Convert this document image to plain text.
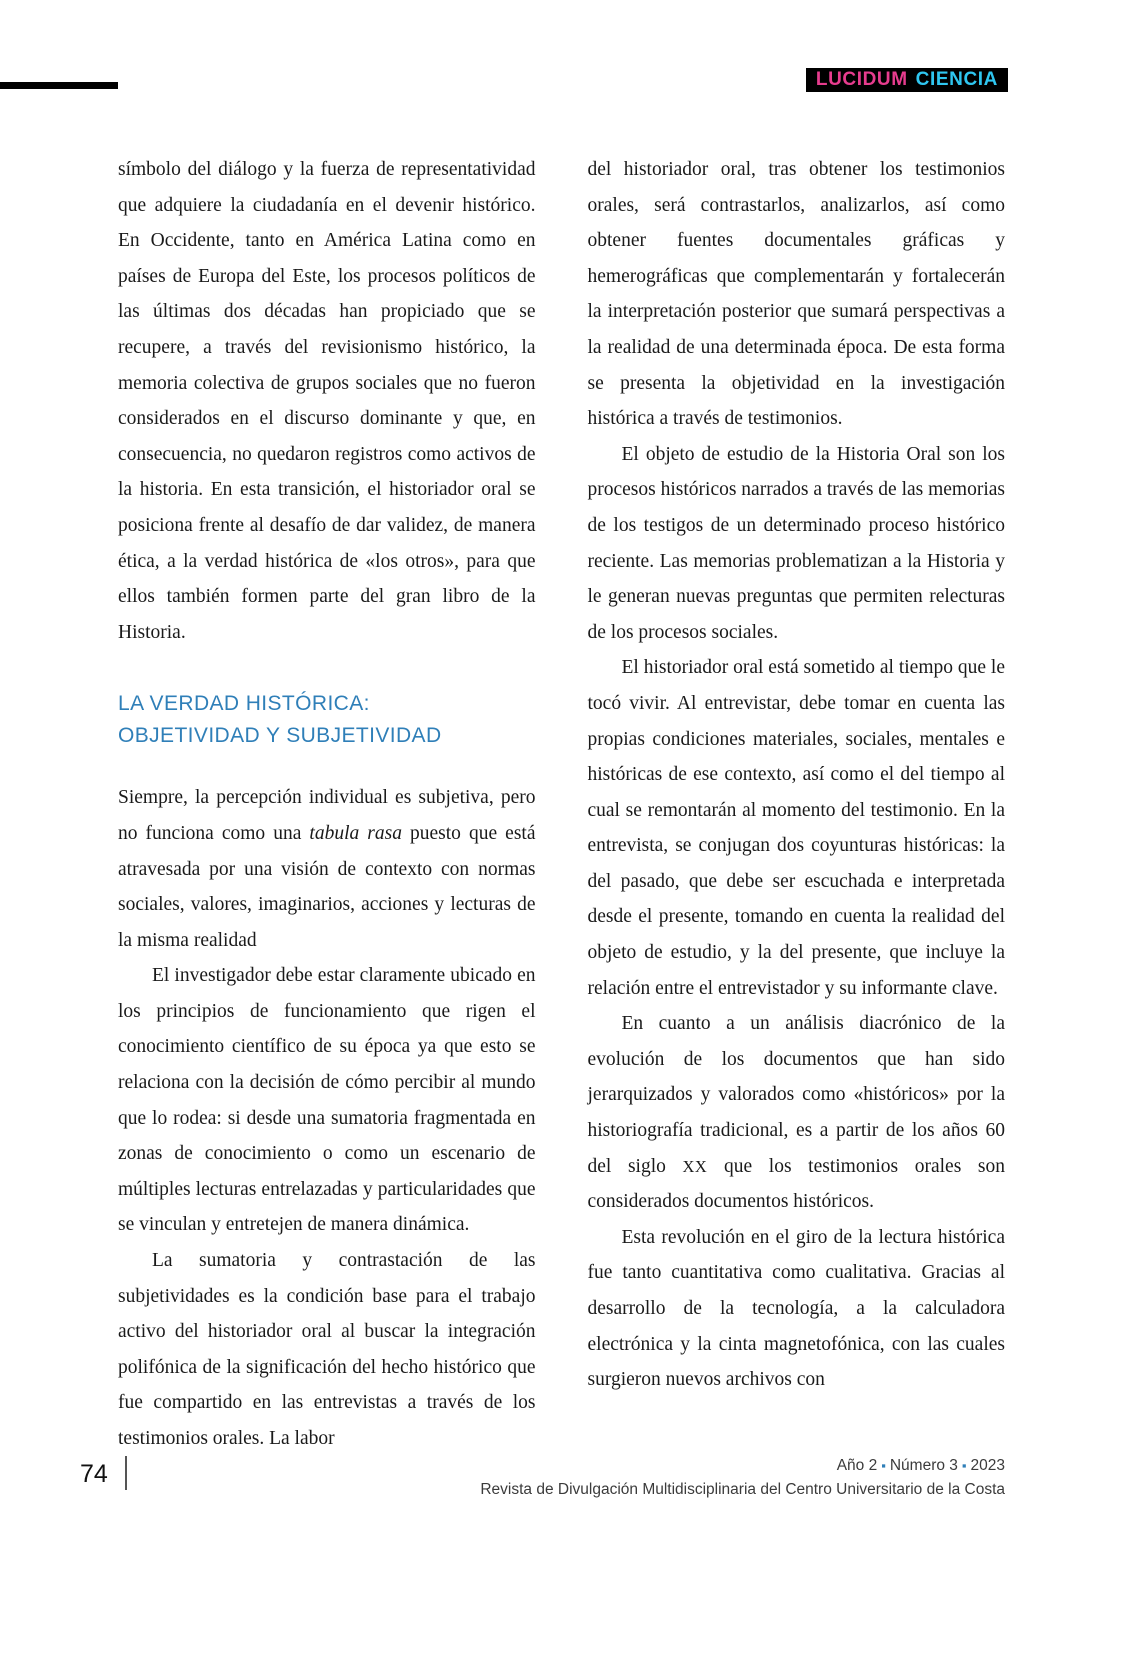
LUCIDUM CIENCIA

símbolo del diálogo y la fuerza de representatividad que adquiere la ciudadanía en el devenir histórico. En Occidente, tanto en América Latina como en países de Europa del Este, los procesos políticos de las últimas dos décadas han propiciado que se recupere, a través del revisionismo histórico, la memoria colectiva de grupos sociales que no fueron considerados en el discurso dominante y que, en consecuencia, no quedaron registros como activos de la historia. En esta transición, el historiador oral se posiciona frente al desafío de dar validez, de manera ética, a la verdad histórica de «los otros», para que ellos también formen parte del gran libro de la Historia.

LA VERDAD HISTÓRICA:
OBJETIVIDAD Y SUBJETIVIDAD

Siempre, la percepción individual es subjetiva, pero no funciona como una tabula rasa puesto que está atravesada por una visión de contexto con normas sociales, valores, imaginarios, acciones y lecturas de la misma realidad

El investigador debe estar claramente ubicado en los principios de funcionamiento que rigen el conocimiento científico de su época ya que esto se relaciona con la decisión de cómo percibir al mundo que lo rodea: si desde una sumatoria fragmentada en zonas de conocimiento o como un escenario de múltiples lecturas entrelazadas y particularidades que se vinculan y entretejen de manera dinámica.

La sumatoria y contrastación de las subjetividades es la condición base para el trabajo activo del historiador oral al buscar la integración polifónica de la significación del hecho histórico que fue compartido en las entrevistas a través de los testimonios orales. La labor

del historiador oral, tras obtener los testimonios orales, será contrastarlos, analizarlos, así como obtener fuentes documentales gráficas y hemerográficas que complementarán y fortalecerán la interpretación posterior que sumará perspectivas a la realidad de una determinada época. De esta forma se presenta la objetividad en la investigación histórica a través de testimonios.

El objeto de estudio de la Historia Oral son los procesos históricos narrados a través de las memorias de los testigos de un determinado proceso histórico reciente. Las memorias problematizan a la Historia y le generan nuevas preguntas que permiten relecturas de los procesos sociales.

El historiador oral está sometido al tiempo que le tocó vivir. Al entrevistar, debe tomar en cuenta las propias condiciones materiales, sociales, mentales e históricas de ese contexto, así como el del tiempo al cual se remontarán al momento del testimonio. En la entrevista, se conjugan dos coyunturas históricas: la del pasado, que debe ser escuchada e interpretada desde el presente, tomando en cuenta la realidad del objeto de estudio, y la del presente, que incluye la relación entre el entrevistador y su informante clave.

En cuanto a un análisis diacrónico de la evolución de los documentos que han sido jerarquizados y valorados como «históricos» por la historiografía tradicional, es a partir de los años 60 del siglo XX que los testimonios orales son considerados documentos históricos.

Esta revolución en el giro de la lectura histórica fue tanto cuantitativa como cualitativa. Gracias al desarrollo de la tecnología, a la calculadora electrónica y la cinta magnetofónica, con las cuales surgieron nuevos archivos con

74	Año 2 ▪ Número 3 ▪ 2023
Revista de Divulgación Multidisciplinaria del Centro Universitario de la Costa
